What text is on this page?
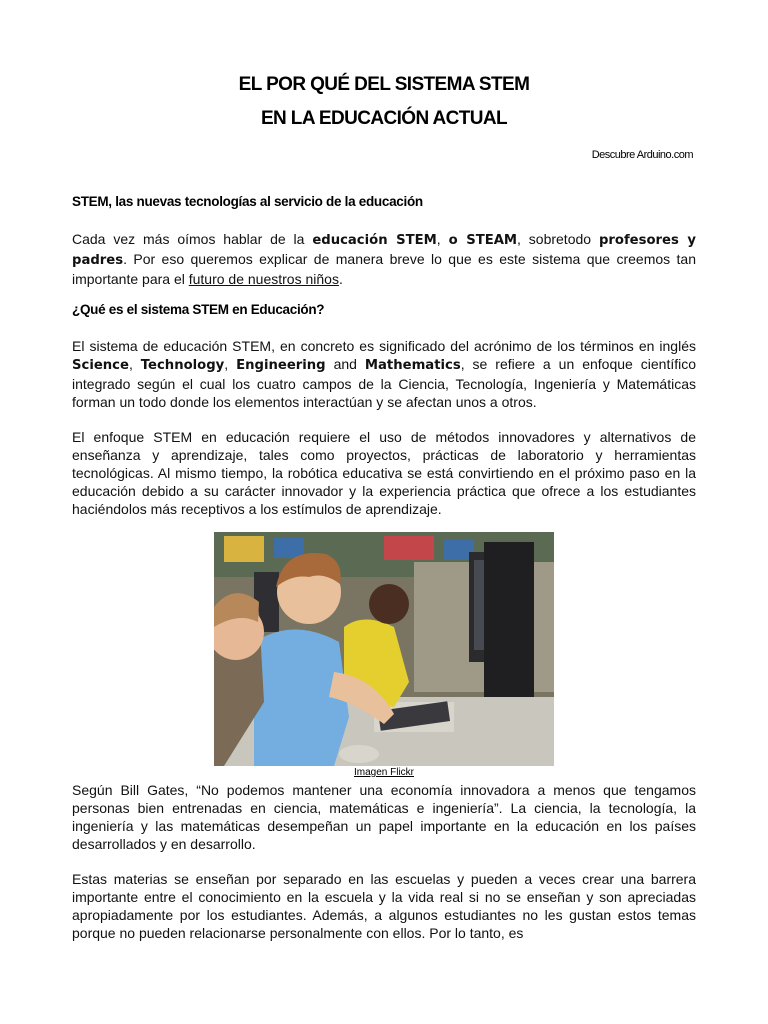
EL POR QUÉ DEL SISTEMA STEM
EN LA EDUCACIÓN ACTUAL
Descubre Arduino.com
STEM, las nuevas tecnologías al servicio de la educación
Cada vez más oímos hablar de la educación STEM, o STEAM, sobretodo profesores y padres. Por eso queremos explicar de manera breve lo que es este sistema que creemos tan importante para el futuro de nuestros niños.
¿Qué es el sistema STEM en Educación?
El sistema de educación STEM, en concreto es significado del acrónimo de los términos en inglés Science, Technology, Engineering and Mathematics, se refiere a un enfoque científico integrado según el cual los cuatro campos de la Ciencia, Tecnología, Ingeniería y Matemáticas forman un todo donde los elementos interactúan y se afectan unos a otros.
El enfoque STEM en educación requiere el uso de métodos innovadores y alternativos de enseñanza y aprendizaje, tales como proyectos, prácticas de laboratorio y herramientas tecnológicas. Al mismo tiempo, la robótica educativa se está convirtiendo en el próximo paso en la educación debido a su carácter innovador y la experiencia práctica que ofrece a los estudiantes haciéndolos más receptivos a los estímulos de aprendizaje.
Imagen Flickr
Según Bill Gates, “No podemos mantener una economía innovadora a menos que tengamos personas bien entrenadas en ciencia, matemáticas e ingeniería”. La ciencia, la tecnología, la ingeniería y las matemáticas desempeñan un papel importante en la educación en los países desarrollados y en desarrollo.
Estas materias se enseñan por separado en las escuelas y pueden a veces crear una barrera importante entre el conocimiento en la escuela y la vida real si no se enseñan y son apreciadas apropiadamente por los estudiantes. Además, a algunos estudiantes no les gustan estos temas porque no pueden relacionarse personalmente con ellos. Por lo tanto, es
